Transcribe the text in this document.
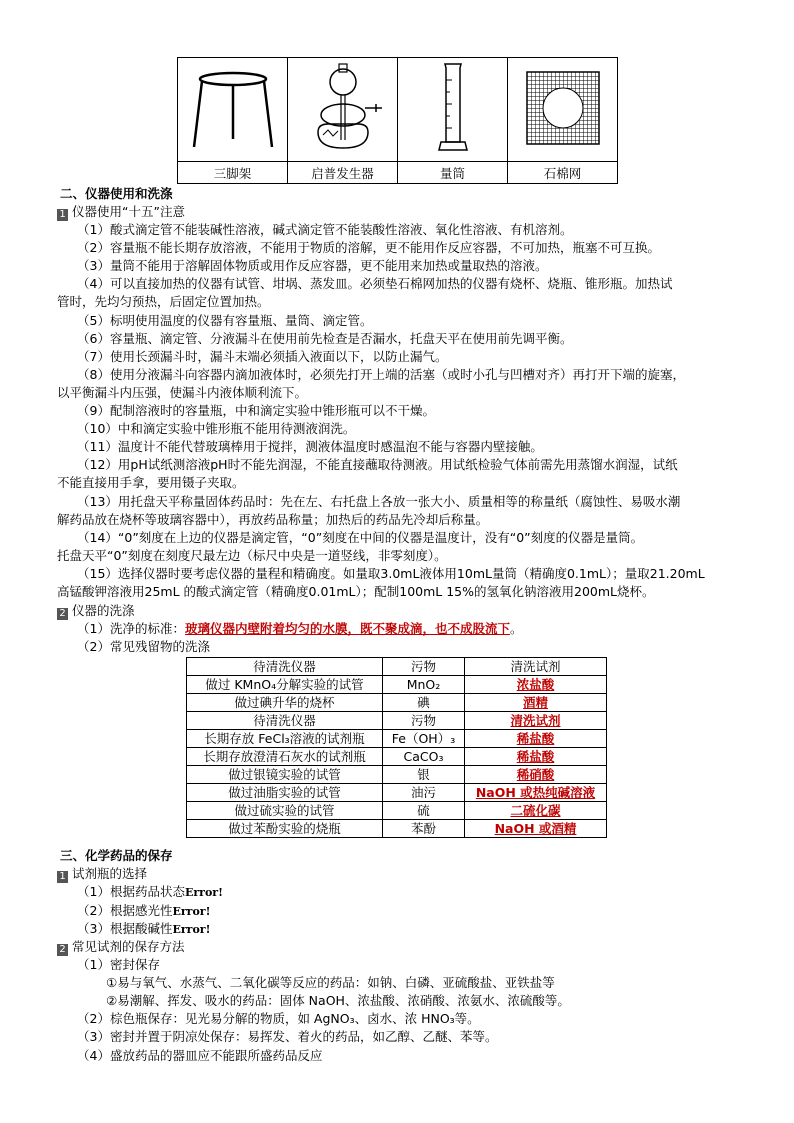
三脚架	启普发生器	量筒	石棉网
二、仪器使用和洗涤
1 仪器使用“十五”注意
（1）酸式滴定管不能装碱性溶液，碱式滴定管不能装酸性溶液、氧化性溶液、有机溶剂。
（2）容量瓶不能长期存放溶液，不能用于物质的溶解，更不能用作反应容器，不可加热，瓶塞不可互换。
（3）量筒不能用于溶解固体物质或用作反应容器，更不能用来加热或量取热的溶液。
（4）可以直接加热的仪器有试管、坩埚、蒸发皿。必须垫石棉网加热的仪器有烧杯、烧瓶、锥形瓶。加热试
管时，先均匀预热，后固定位置加热。
（5）标明使用温度的仪器有容量瓶、量筒、滴定管。
（6）容量瓶、滴定管、分液漏斗在使用前先检查是否漏水，托盘天平在使用前先调平衡。
（7）使用长颈漏斗时，漏斗末端必须插入液面以下，以防止漏气。
（8）使用分液漏斗向容器内滴加液体时，必须先打开上端的活塞（或时小孔与凹槽对齐）再打开下端的旋塞，
以平衡漏斗内压强，使漏斗内液体顺利流下。
（9）配制溶液时的容量瓶，中和滴定实验中锥形瓶可以不干燥。
（10）中和滴定实验中锥形瓶不能用待测液润洗。
（11）温度计不能代替玻璃棒用于搅拌，测液体温度时感温泡不能与容器内壁接触。
（12）用pH试纸测溶液pH时不能先润湿，不能直接蘸取待测液。用试纸检验气体前需先用蒸馏水润湿，试纸
不能直接用手拿，要用镊子夹取。
（13）用托盘天平称量固体药品时：先在左、右托盘上各放一张大小、质量相等的称量纸（腐蚀性、易吸水潮
解药品放在烧杯等玻璃容器中），再放药品称量；加热后的药品先冷却后称量。
（14）“0”刻度在上边的仪器是滴定管，“0”刻度在中间的仪器是温度计，没有“0”刻度的仪器是量筒。
托盘天平“0”刻度在刻度尺最左边（标尺中央是一道竖线，非零刻度）。
（15）选择仪器时要考虑仪器的量程和精确度。如量取3.0mL液体用10mL量筒（精确度0.1mL）；量取21.20mL
高锰酸钾溶液用25mL 的酸式滴定管（精确度0.01mL）；配制100mL 15%的氢氧化钠溶液用200mL烧杯。
2 仪器的洗涤
（1）洗净的标准：玻璃仪器内壁附着均匀的水膜，既不聚成滴，也不成股流下。
（2）常见残留物的洗涤
待清洗仪器	污物	清洗试剂
做过 KMnO₄分解实验的试管	MnO₂	浓盐酸
做过碘升华的烧杯	碘	酒精
待清洗仪器	污物	清洗试剂
长期存放 FeCl₃溶液的试剂瓶	Fe（OH）₃	稀盐酸
长期存放澄清石灰水的试剂瓶	CaCO₃	稀盐酸
做过银镜实验的试管	银	稀硝酸
做过油脂实验的试管	油污	NaOH 或热纯碱溶液
做过硫实验的试管	硫	二硫化碳
做过苯酚实验的烧瓶	苯酚	NaOH 或酒精
三、化学药品的保存
1 试剂瓶的选择
（1）根据药品状态Error!
（2）根据感光性Error!
（3）根据酸碱性Error!
2 常见试剂的保存方法
（1）密封保存
①易与氧气、水蒸气、二氧化碳等反应的药品：如钠、白磷、亚硫酸盐、亚铁盐等
②易潮解、挥发、吸水的药品：固体 NaOH、浓盐酸、浓硝酸、浓氨水、浓硫酸等。
（2）棕色瓶保存：见光易分解的物质，如 AgNO₃、卤水、浓 HNO₃等。
（3）密封并置于阴凉处保存：易挥发、着火的药品，如乙醇、乙醚、苯等。
（4）盛放药品的器皿应不能跟所盛药品反应
